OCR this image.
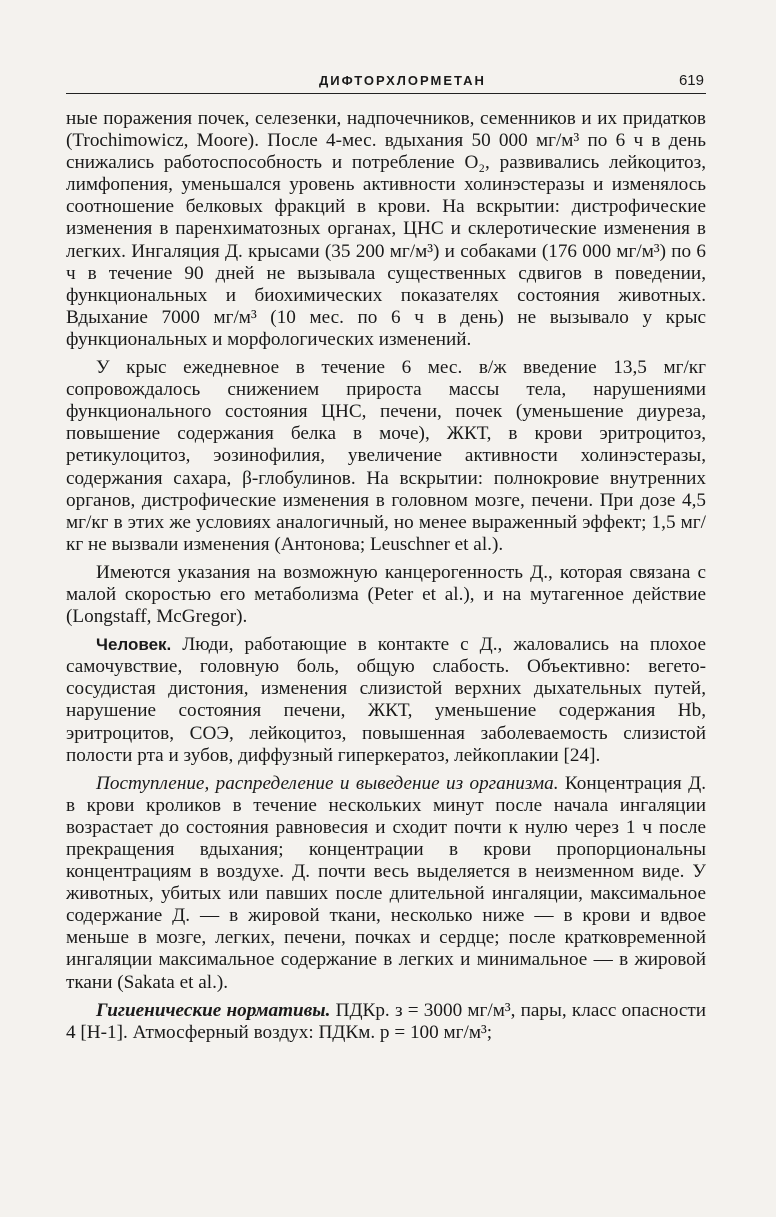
ДИФТОРХЛОРМЕТАН	619

ные поражения почек, селезенки, надпочечников, семенников и их придатков (Trochimowicz, Moore). После 4-мес. вдыхания 50 000 мг/м³ по 6 ч в день снижались работоспособность и потребление O₂, развивались лейкоцитоз, лимфопения, уменьшался уровень активности холинэстеразы и изменялось соотношение белковых фракций в крови. На вскрытии: дистрофические изменения в паренхиматозных органах, ЦНС и склеротические изменения в легких. Ингаляция Д. крысами (35 200 мг/м³) и собаками (176 000 мг/м³) по 6 ч в течение 90 дней не вызывала существенных сдвигов в поведении, функциональных и биохимических показателях состояния животных. Вдыхание 7000 мг/м³ (10 мес. по 6 ч в день) не вызывало у крыс функциональных и морфологических изменений.

У крыс ежедневное в течение 6 мес. в/ж введение 13,5 мг/кг сопровождалось снижением прироста массы тела, нарушениями функционального состояния ЦНС, печени, почек (уменьшение диуреза, повышение содержания белка в моче), ЖКТ, в крови эритроцитоз, ретикулоцитоз, эозинофилия, увеличение активности холинэстеразы, содержания сахара, β-глобулинов. На вскрытии: полнокровие внутренних органов, дистрофические изменения в головном мозге, печени. При дозе 4,5 мг/кг в этих же условиях аналогичный, но менее выраженный эффект; 1,5 мг/кг не вызвали изменения (Антонова; Leuschner et al.).

Имеются указания на возможную канцерогенность Д., которая связана с малой скоростью его метаболизма (Peter et al.), и на мутагенное действие (Longstaff, McGregor).

Человек. Люди, работающие в контакте с Д., жаловались на плохое самочувствие, головную боль, общую слабость. Объективно: вегето-сосудистая дистония, изменения слизистой верхних дыхательных путей, нарушение состояния печени, ЖКТ, уменьшение содержания Hb, эритроцитов, СОЭ, лейкоцитоз, повышенная заболеваемость слизистой полости рта и зубов, диффузный гиперкератоз, лейкоплакии [24].

Поступление, распределение и выведение из организма. Концентрация Д. в крови кроликов в течение нескольких минут после начала ингаляции возрастает до состояния равновесия и сходит почти к нулю через 1 ч после прекращения вдыхания; концентрации в крови пропорциональны концентрациям в воздухе. Д. почти весь выделяется в неизменном виде. У животных, убитых или павших после длительной ингаляции, максимальное содержание Д. — в жировой ткани, несколько ниже — в крови и вдвое меньше в мозге, легких, печени, почках и сердце; после кратковременной ингаляции максимальное содержание в легких и минимальное — в жировой ткани (Sakata et al.).

Гигиенические нормативы. ПДКр. з = 3000 мг/м³, пары, класс опасности 4 [Н-1]. Атмосферный воздух: ПДКм. р = 100 мг/м³;
